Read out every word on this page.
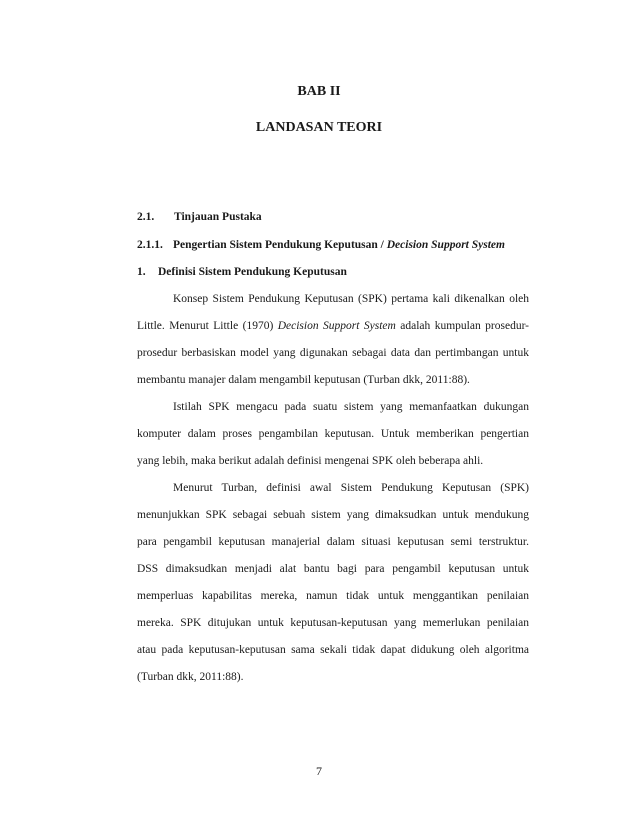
BAB II
LANDASAN TEORI
2.1. Tinjauan Pustaka
2.1.1. Pengertian Sistem Pendukung Keputusan / Decision Support System
1. Definisi Sistem Pendukung Keputusan
Konsep Sistem Pendukung Keputusan (SPK) pertama kali dikenalkan oleh
Little. Menurut Little (1970) Decision Support System adalah kumpulan prosedur-
prosedur berbasiskan model yang digunakan sebagai data dan pertimbangan untuk
membantu manajer dalam mengambil keputusan (Turban dkk, 2011:88).
Istilah SPK mengacu pada suatu sistem yang memanfaatkan dukungan
komputer dalam proses pengambilan keputusan. Untuk memberikan pengertian
yang lebih, maka berikut adalah definisi mengenai SPK oleh beberapa ahli.
Menurut Turban, definisi awal Sistem Pendukung Keputusan (SPK)
menunjukkan SPK sebagai sebuah sistem yang dimaksudkan untuk mendukung
para pengambil keputusan manajerial dalam situasi keputusan semi terstruktur.
DSS dimaksudkan menjadi alat bantu bagi para pengambil keputusan untuk
memperluas kapabilitas mereka, namun tidak untuk menggantikan penilaian
mereka. SPK ditujukan untuk keputusan-keputusan yang memerlukan penilaian
atau pada keputusan-keputusan sama sekali tidak dapat didukung oleh algoritma
(Turban dkk, 2011:88).
7
